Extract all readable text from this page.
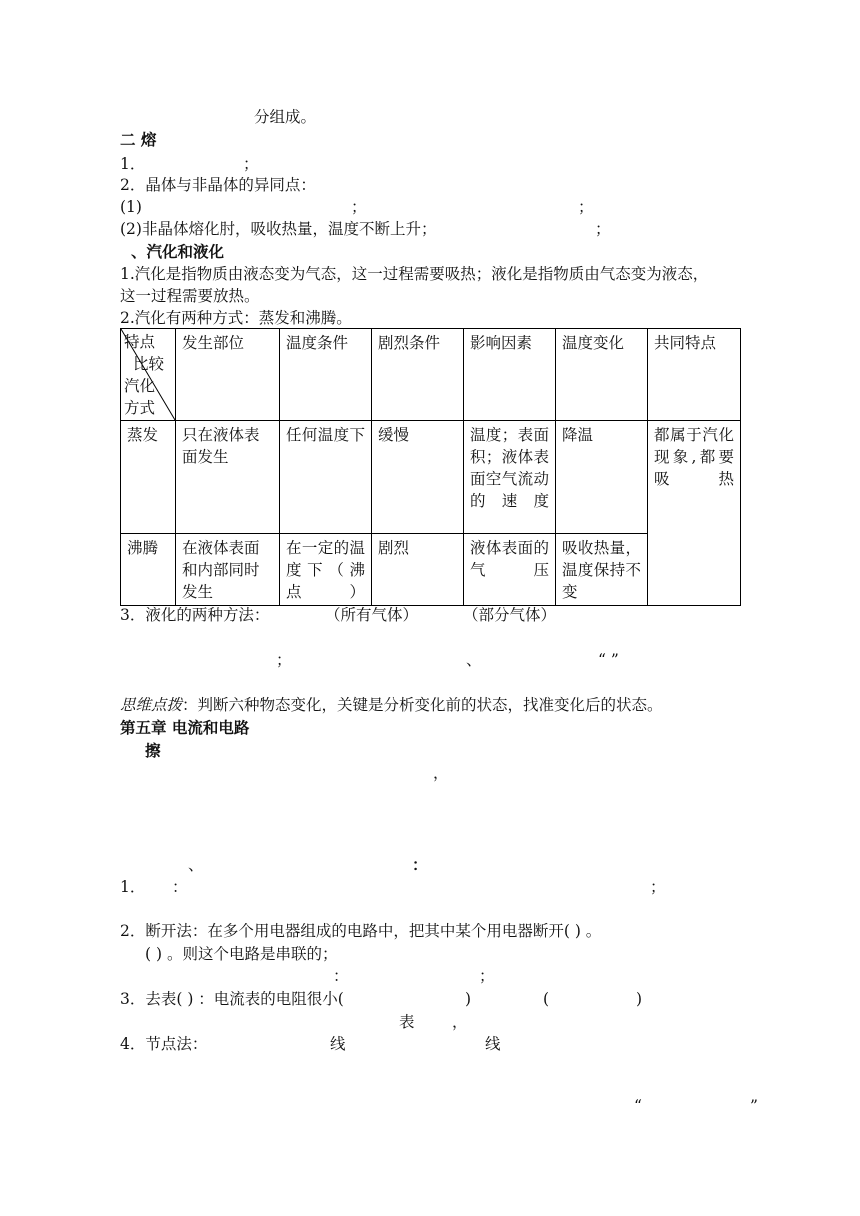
分组成。
二 熔
1．	；
2．晶体与非晶体的异同点：
(1)	；	；
(2)非晶体熔化肘，吸收热量，温度不断上升；	；
、汽化和液化
1.汽化是指物质由液态变为气态，这一过程需要吸热；液化是指物质由气态变为液态，
这一过程需要放热。
2.汽化有两种方式：蒸发和沸腾。
特点
比较
汽化
方式	发生部位	温度条件	剧烈条件	影响因素	温度变化	共同特点
蒸发	只在液体表面发生	任何温度下	缓慢	温度；表面积；液体表面空气流动的速度	降温	都属于汽化现象,都要吸热
沸腾	在液体表面和内部同时发生	在一定的温度下（沸点）	剧烈	液体表面的气压	吸收热量，温度保持不变	
3．液化的两种方法：	（所有气体）	（部分气体）
；	、	“ ”
思维点拨：判断六种物态变化，关键是分析变化前的状态，找准变化后的状态。
第五章 电流和电路
擦
，
、	：
1． ：	；
2．断开法：在多个用电器组成的电路中，把其中某个用电器断开( ) 。
( ) 。则这个电路是串联的；
：	；
3．去表( ) ：电流表的电阻很小(	)	(	)
表 ，
4．节点法：	线	线
“	”
